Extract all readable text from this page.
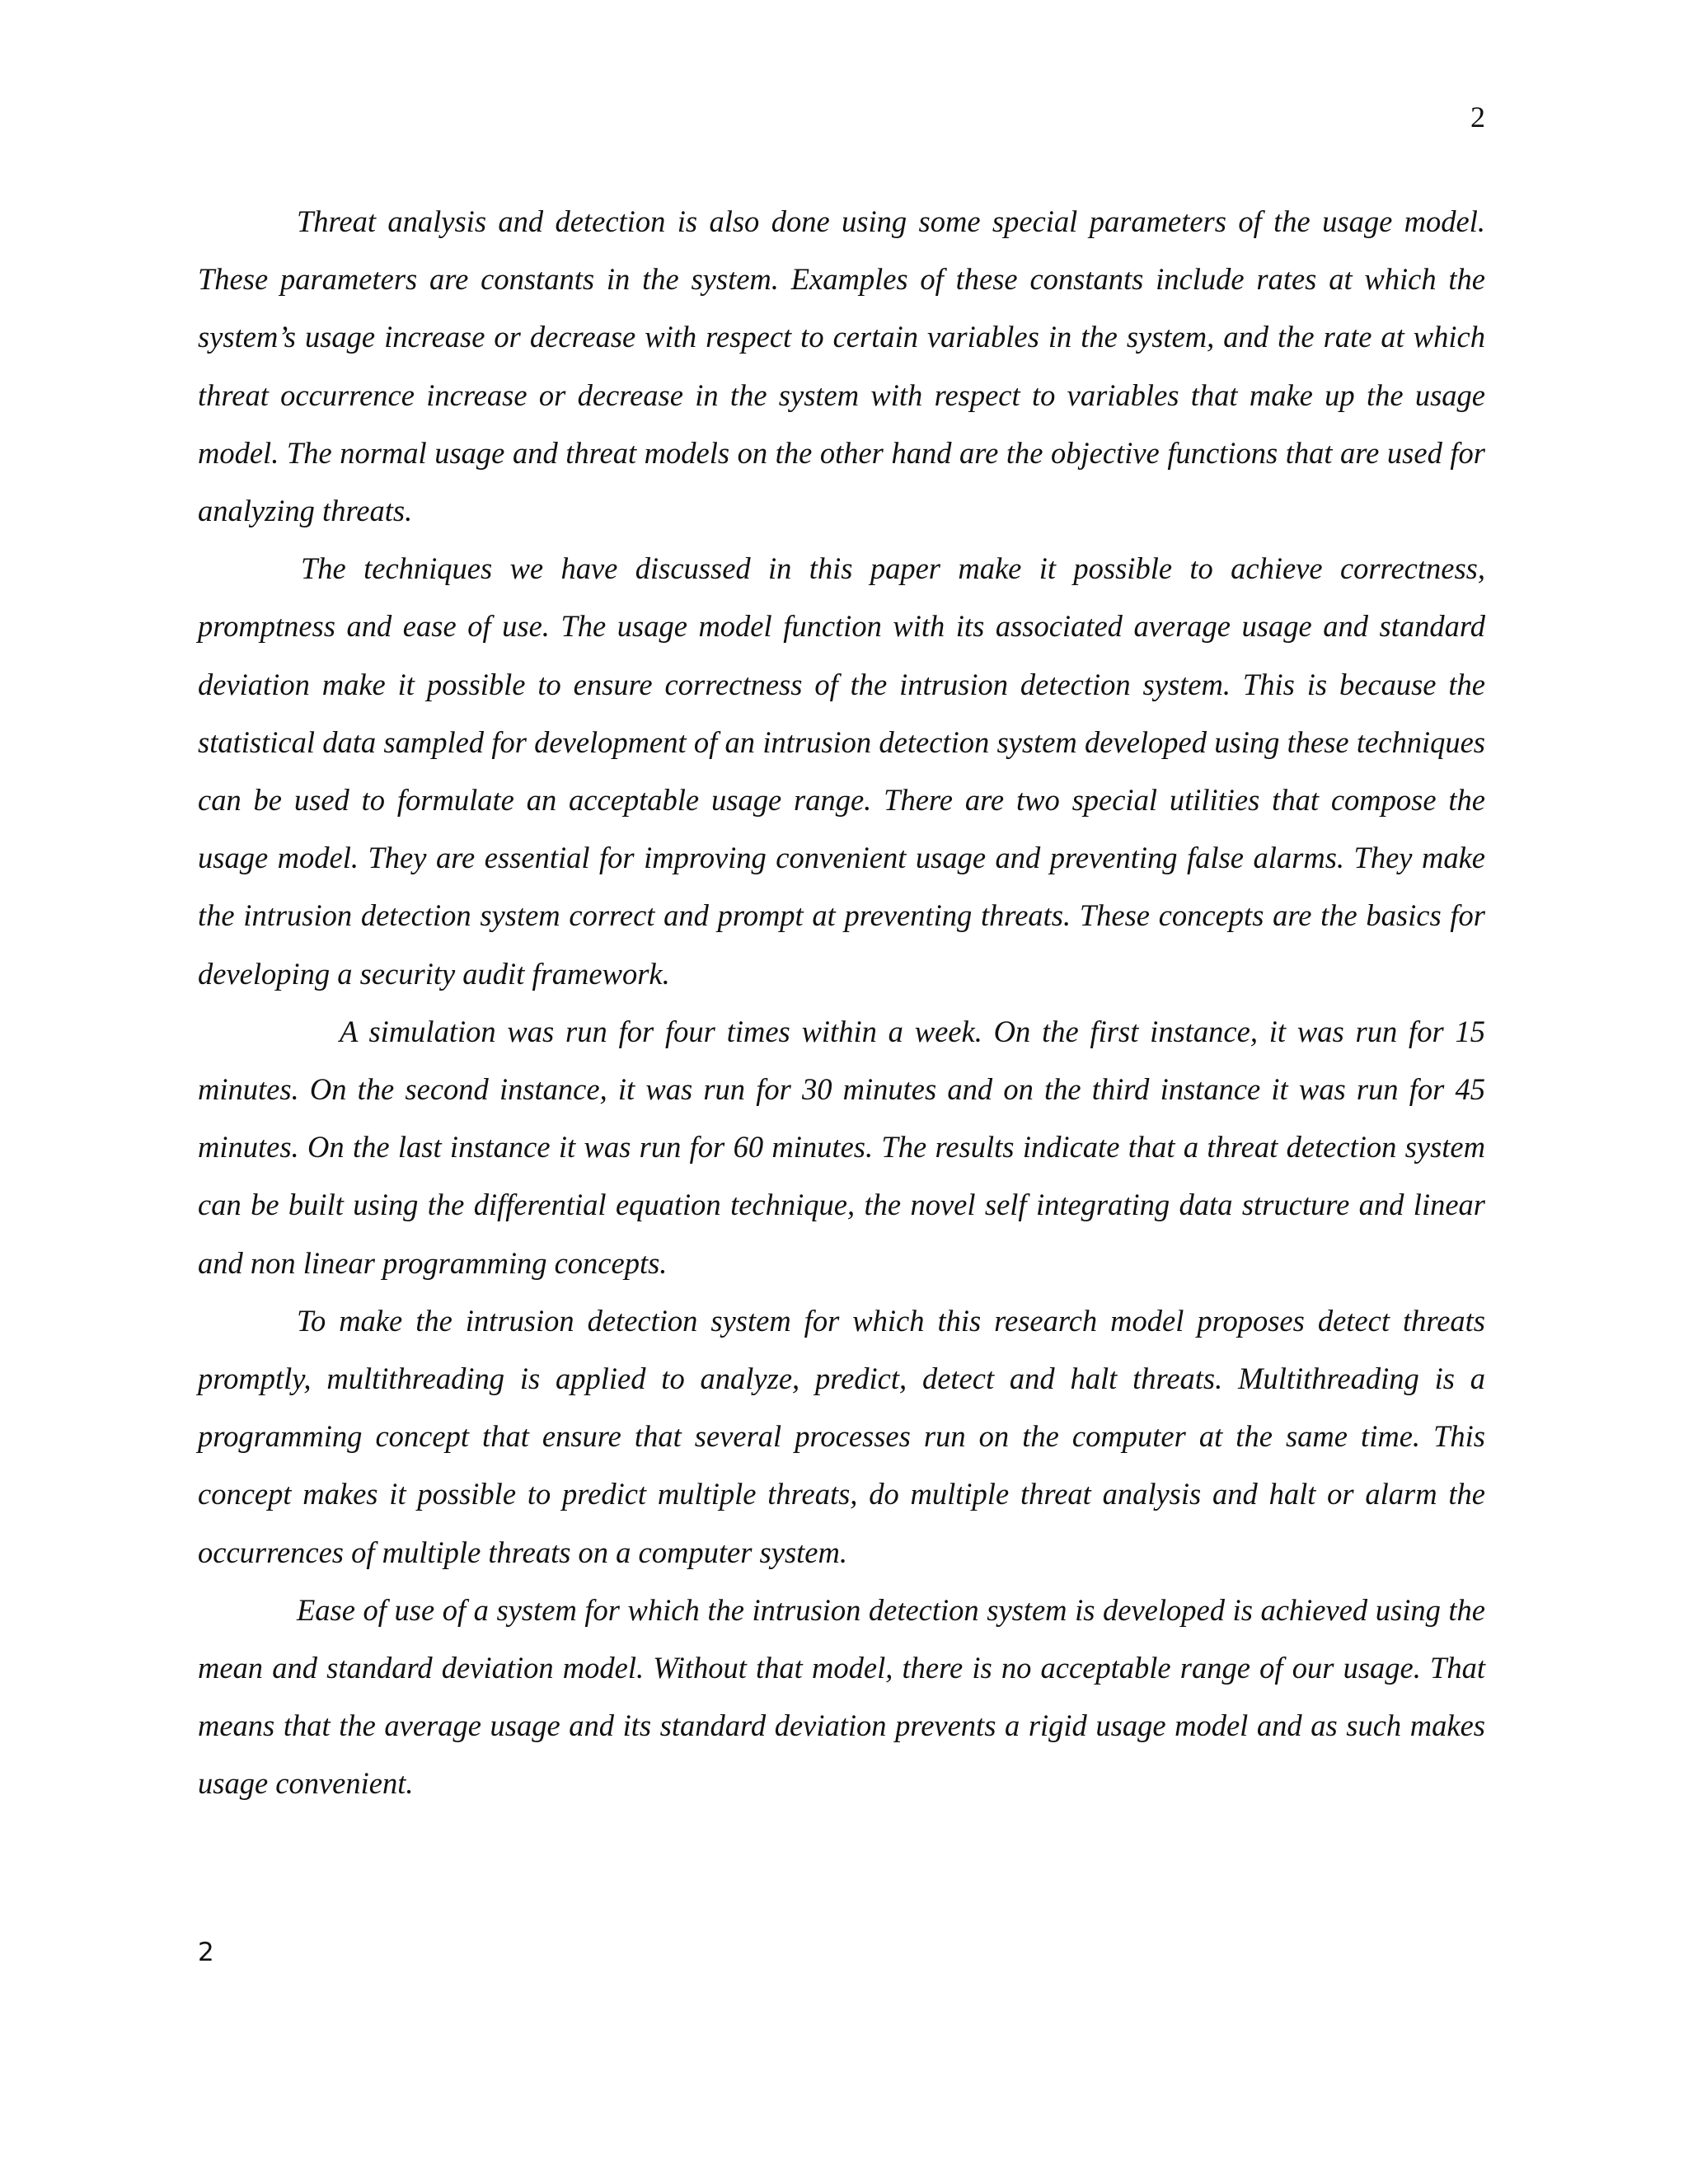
2

Threat analysis and detection is also done using some special parameters of the usage model. These parameters are constants in the system. Examples of these constants include rates at which the system’s usage increase or decrease with respect to certain variables in the system, and the rate at which threat occurrence increase or decrease in the system with respect to variables that make up the usage model. The normal usage and threat models on the other hand are the objective functions that are used for analyzing threats.

The techniques we have discussed in this paper make it possible to achieve correctness, promptness and ease of use. The usage model function with its associated average usage and standard deviation make it possible to ensure correctness of the intrusion detection system. This is because the statistical data sampled for development of an intrusion detection system developed using these techniques can be used to formulate an acceptable usage range. There are two special utilities that compose the usage model. They are essential for improving convenient usage and preventing false alarms. They make the intrusion detection system correct and prompt at preventing threats. These concepts are the basics for developing a security audit framework.

A simulation was run for four times within a week. On the first instance, it was run for 15 minutes. On the second instance, it was run for 30 minutes and on the third instance it was run for 45 minutes. On the last instance it was run for 60 minutes. The results indicate that a threat detection system can be built using the differential equation technique, the novel self integrating data structure and linear and non linear programming concepts.

To make the intrusion detection system for which this research model proposes detect threats promptly, multithreading is applied to analyze, predict, detect and halt threats. Multithreading is a programming concept that ensure that several processes run on the computer at the same time. This concept makes it possible to predict multiple threats, do multiple threat analysis and halt or alarm the occurrences of multiple threats on a computer system.

Ease of use of a system for which the intrusion detection system is developed is achieved using the mean and standard deviation model. Without that model, there is no acceptable range of our usage. That means that the average usage and its standard deviation prevents a rigid usage model and as such makes usage convenient.

2
